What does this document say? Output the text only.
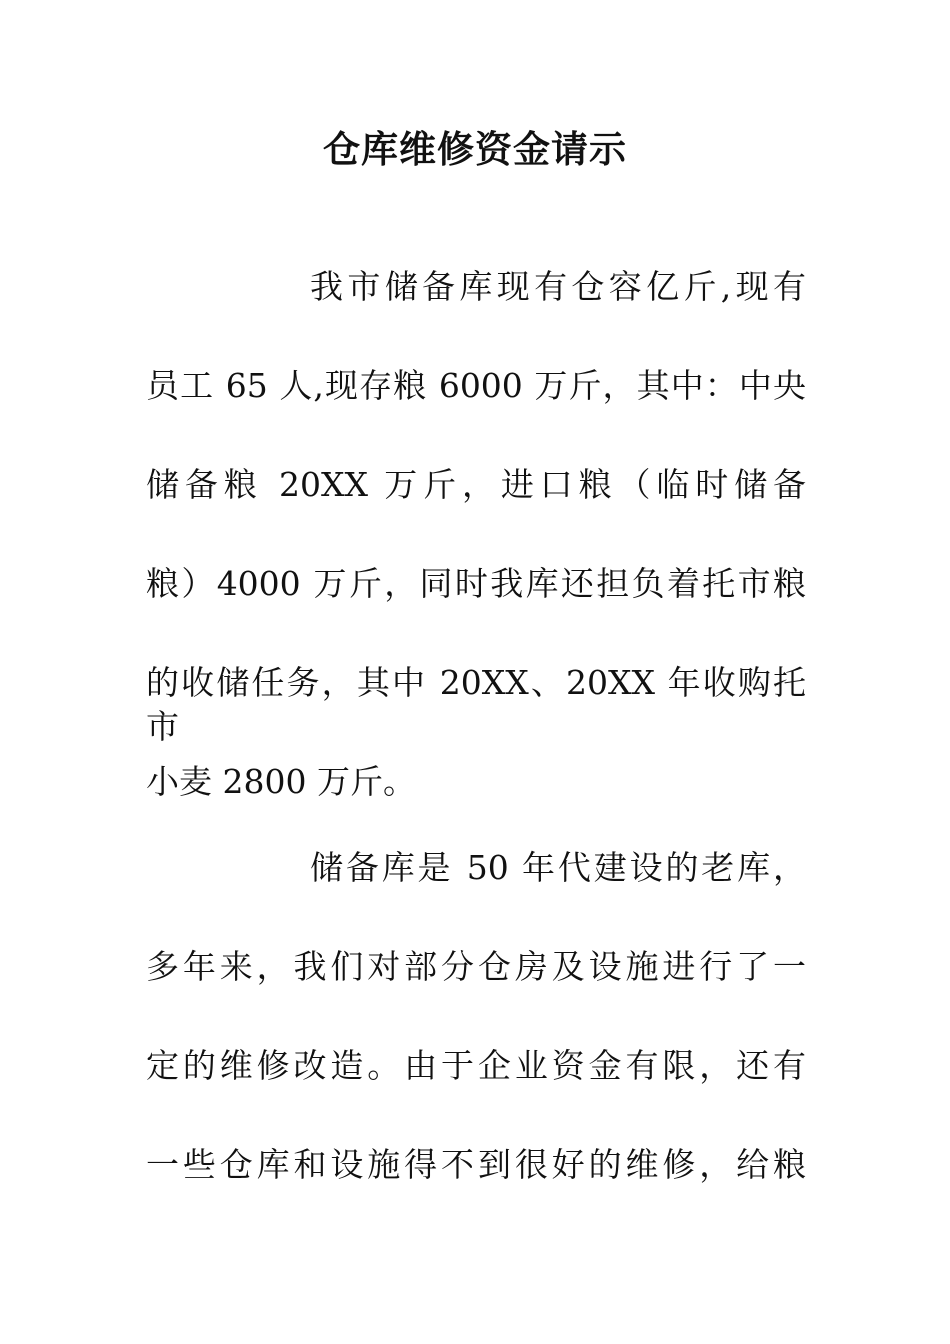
仓库维修资金请示

我市储备库现有仓容亿斤,现有

员工 65 人,现存粮 6000 万斤，其中：中央

储备粮 20XX 万斤，进口粮（临时储备

粮）4000 万斤，同时我库还担负着托市粮

的收储任务，其中 20XX、20XX 年收购托市

小麦 2800 万斤。

储备库是 50 年代建设的老库，

多年来，我们对部分仓房及设施进行了一

定的维修改造。由于企业资金有限，还有

一些仓库和设施得不到很好的维修，给粮
